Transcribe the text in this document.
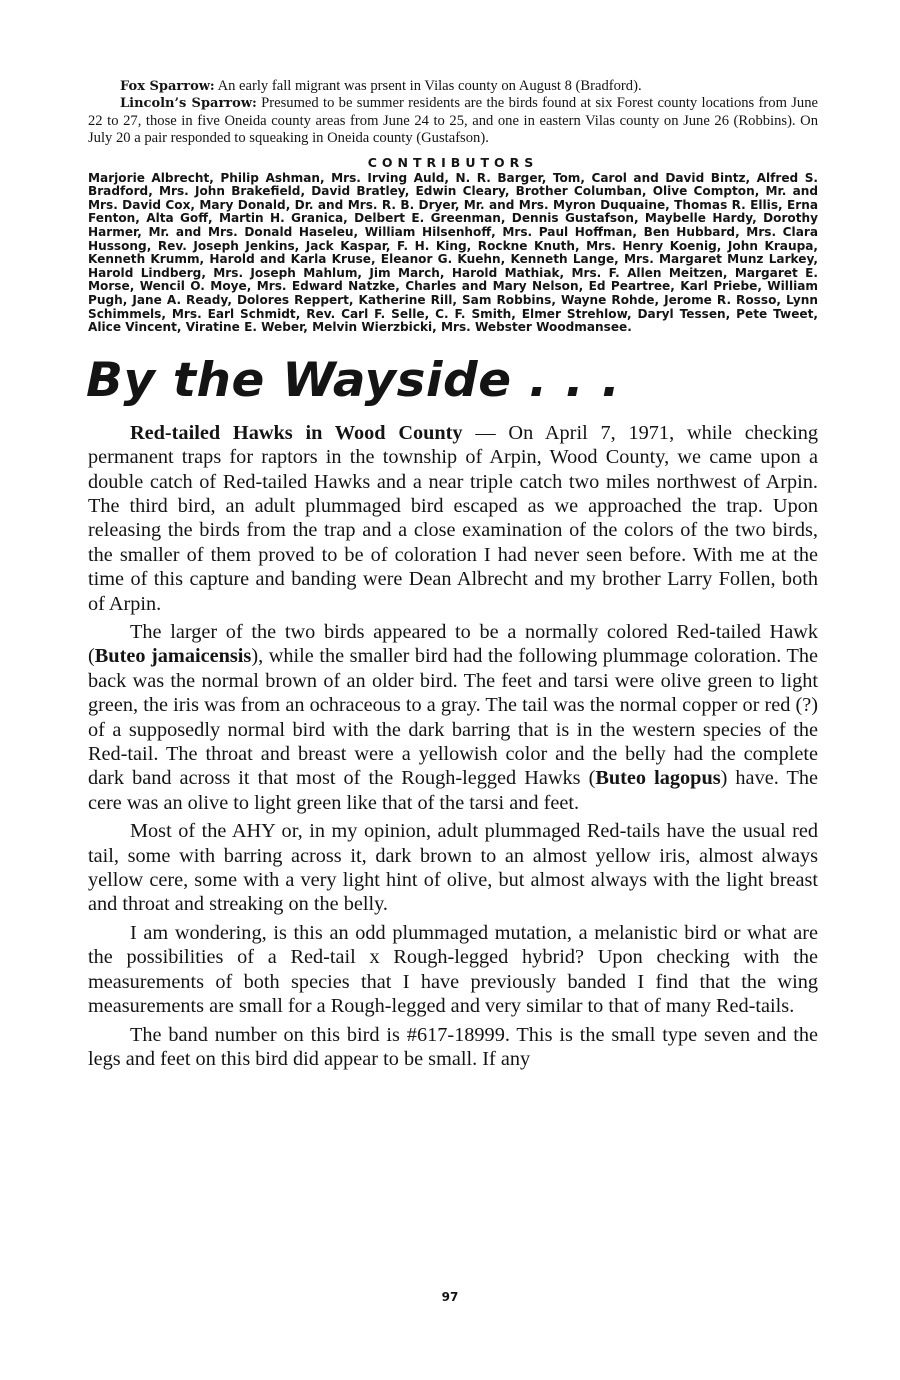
Fox Sparrow: An early fall migrant was prsent in Vilas county on August 8 (Bradford).

Lincoln’s Sparrow: Presumed to be summer residents are the birds found at six Forest county locations from June 22 to 27, those in five Oneida county areas from June 24 to 25, and one in eastern Vilas county on June 26 (Robbins). On July 20 a pair responded to squeaking in Oneida county (Gustafson).

CONTRIBUTORS

Marjorie Albrecht, Philip Ashman, Mrs. Irving Auld, N. R. Barger, Tom, Carol and David Bintz, Alfred S. Bradford, Mrs. John Brakefield, David Bratley, Edwin Cleary, Brother Columban, Olive Compton, Mr. and Mrs. David Cox, Mary Donald, Dr. and Mrs. R. B. Dryer, Mr. and Mrs. Myron Duquaine, Thomas R. Ellis, Erna Fenton, Alta Goff, Martin H. Granica, Delbert E. Greenman, Dennis Gustafson, Maybelle Hardy, Dorothy Harmer, Mr. and Mrs. Donald Haseleu, William Hilsenhoff, Mrs. Paul Hoffman, Ben Hubbard, Mrs. Clara Hussong, Rev. Joseph Jenkins, Jack Kaspar, F. H. King, Rockne Knuth, Mrs. Henry Koenig, John Kraupa, Kenneth Krumm, Harold and Karla Kruse, Eleanor G. Kuehn, Kenneth Lange, Mrs. Margaret Munz Larkey, Harold Lindberg, Mrs. Joseph Mahlum, Jim March, Harold Mathiak, Mrs. F. Allen Meitzen, Margaret E. Morse, Wencil O. Moye, Mrs. Edward Natzke, Charles and Mary Nelson, Ed Peartree, Karl Priebe, William Pugh, Jane A. Ready, Dolores Reppert, Katherine Rill, Sam Robbins, Wayne Rohde, Jerome R. Rosso, Lynn Schimmels, Mrs. Earl Schmidt, Rev. Carl F. Selle, C. F. Smith, Elmer Strehlow, Daryl Tessen, Pete Tweet, Alice Vincent, Viratine E. Weber, Melvin Wierzbicki, Mrs. Webster Woodmansee.

By the Wayside . . .

Red-tailed Hawks in Wood County — On April 7, 1971, while checking permanent traps for raptors in the township of Arpin, Wood County, we came upon a double catch of Red-tailed Hawks and a near triple catch two miles northwest of Arpin. The third bird, an adult plummaged bird escaped as we approached the trap. Upon releasing the birds from the trap and a close examination of the colors of the two birds, the smaller of them proved to be of coloration I had never seen before. With me at the time of this capture and banding were Dean Albrecht and my brother Larry Follen, both of Arpin.

The larger of the two birds appeared to be a normally colored Red-tailed Hawk (Buteo jamaicensis), while the smaller bird had the following plummage coloration. The back was the normal brown of an older bird. The feet and tarsi were olive green to light green, the iris was from an ochraceous to a gray. The tail was the normal copper or red (?) of a supposedly normal bird with the dark barring that is in the western species of the Red-tail. The throat and breast were a yellowish color and the belly had the complete dark band across it that most of the Rough-legged Hawks (Buteo lagopus) have. The cere was an olive to light green like that of the tarsi and feet.

Most of the AHY or, in my opinion, adult plummaged Red-tails have the usual red tail, some with barring across it, dark brown to an almost yellow iris, almost always yellow cere, some with a very light hint of olive, but almost always with the light breast and throat and streaking on the belly.

I am wondering, is this an odd plummaged mutation, a melanistic bird or what are the possibilities of a Red-tail x Rough-legged hybrid? Upon checking with the measurements of both species that I have previously banded I find that the wing measurements are small for a Rough-legged and very similar to that of many Red-tails.

The band number on this bird is #617-18999. This is the small type seven and the legs and feet on this bird did appear to be small. If any

97
